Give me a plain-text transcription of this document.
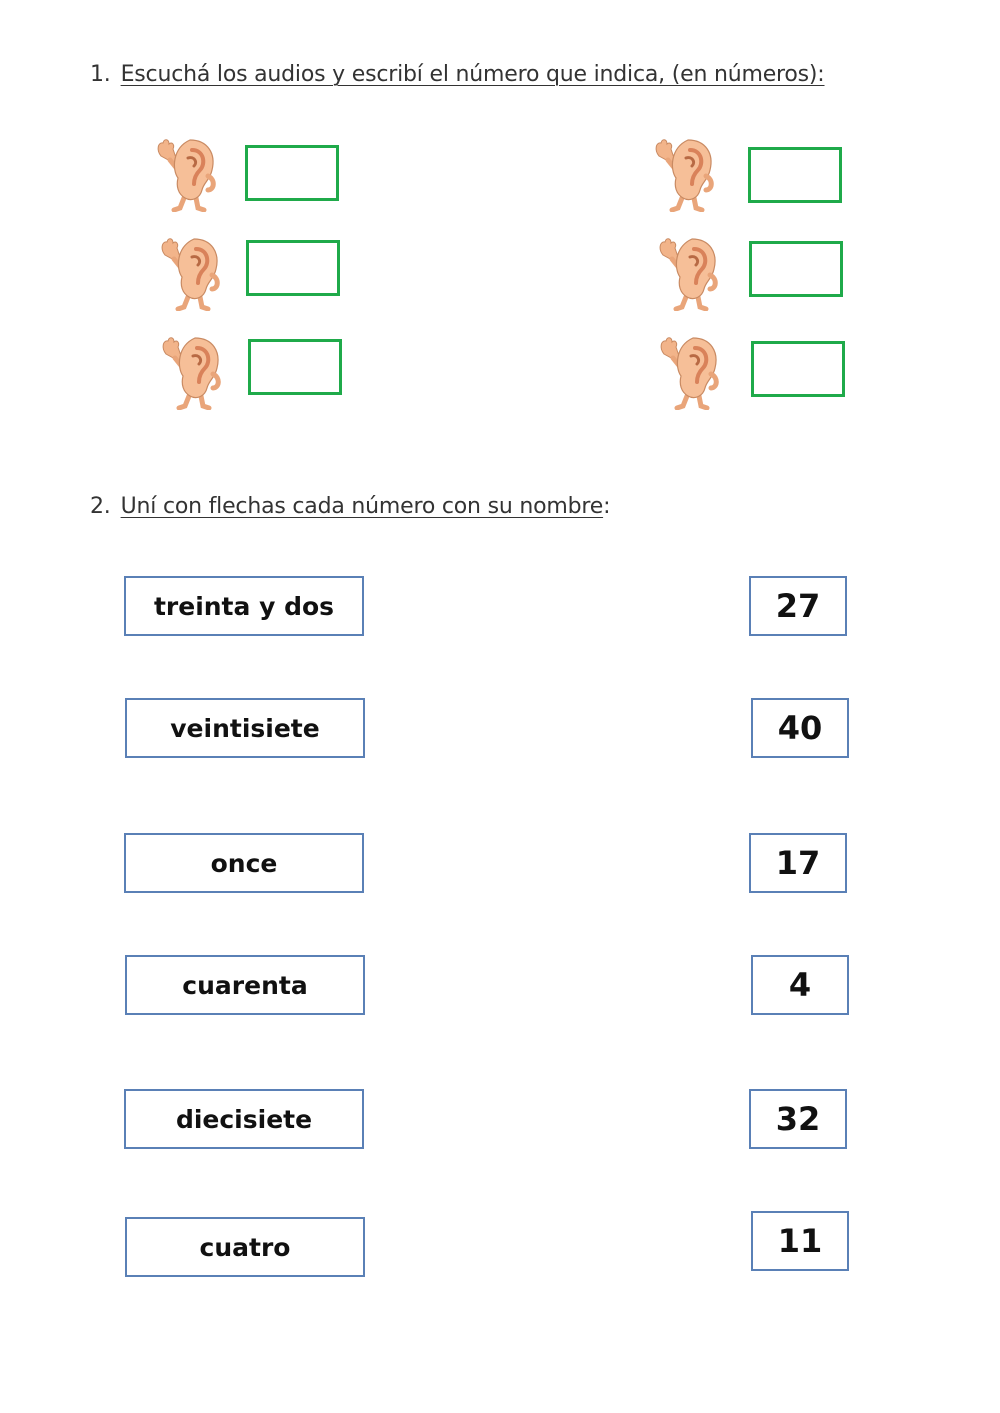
1. Escuchá los audios y escribí el número que indica, (en números):
2. Uní con flechas cada número con su nombre:
treinta y dos	27
veintisiete	40
once	17
cuarenta	4
diecisiete	32
cuatro	11
